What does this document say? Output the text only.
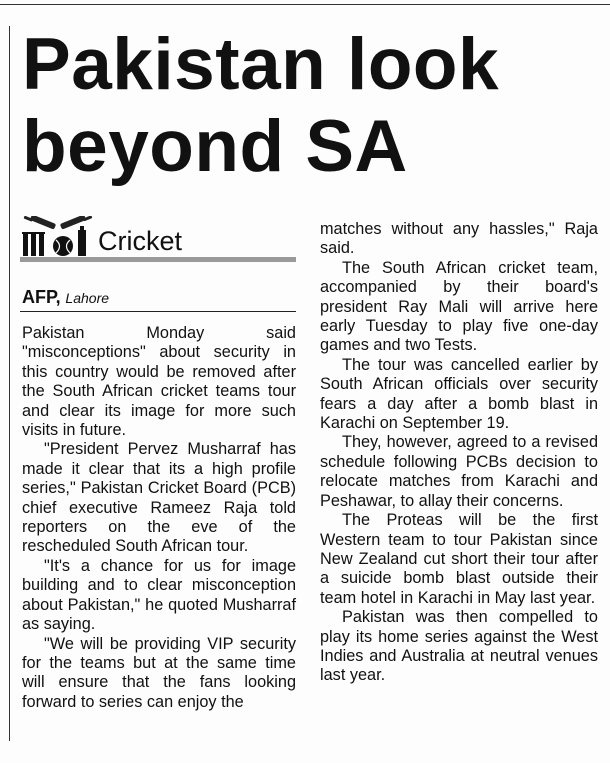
Pakistan look
beyond SA
Cricket
AFP, Lahore

Pakistan Monday said "misconceptions" about security in this country would be removed after the South African cricket teams tour and clear its image for more such visits in future.

"President Pervez Musharraf has made it clear that its a high profile series," Pakistan Cricket Board (PCB) chief executive Rameez Raja told reporters on the eve of the rescheduled South African tour.

"It's a chance for us for image building and to clear misconception about Pakistan," he quoted Musharraf as saying.

"We will be providing VIP security for the teams but at the same time will ensure that the fans looking forward to series can enjoy the

matches without any hassles," Raja said.

The South African cricket team, accompanied by their board's president Ray Mali will arrive here early Tuesday to play five one-day games and two Tests.

The tour was cancelled earlier by South African officials over security fears a day after a bomb blast in Karachi on September 19.

They, however, agreed to a revised schedule following PCBs decision to relocate matches from Karachi and Peshawar, to allay their concerns.

The Proteas will be the first Western team to tour Pakistan since New Zealand cut short their tour after a suicide bomb blast outside their team hotel in Karachi in May last year.

Pakistan was then compelled to play its home series against the West Indies and Australia at neutral venues last year.
